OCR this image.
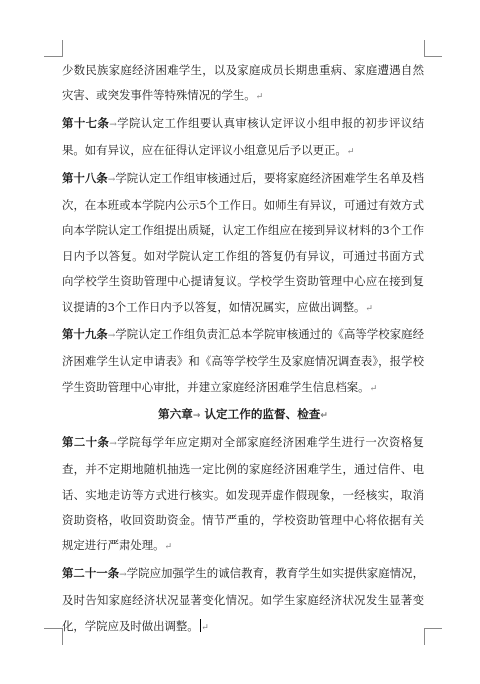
少数民族家庭经济困难学生，以及家庭成员长期患重病、家庭遭遇自然灾害、或突发事件等特殊情况的学生。↵

第十七条→学院认定工作组要认真审核认定评议小组申报的初步评议结果。如有异议，应在征得认定评议小组意见后予以更正。↵

第十八条→学院认定工作组审核通过后，要将家庭经济困难学生名单及档次，在本班或本学院内公示5个工作日。如师生有异议，可通过有效方式向本学院认定工作组提出质疑，认定工作组应在接到异议材料的3个工作日内予以答复。如对学院认定工作组的答复仍有异议，可通过书面方式向学校学生资助管理中心提请复议。学校学生资助管理中心应在接到复议提请的3个工作日内予以答复，如情况属实，应做出调整。↵

第十九条→学院认定工作组负责汇总本学院审核通过的《高等学校家庭经济困难学生认定申请表》和《高等学校学生及家庭情况调查表》，报学校学生资助管理中心审批，并建立家庭经济困难学生信息档案。↵

第六章→ 认定工作的监督、检查↵

第二十条→学院每学年应定期对全部家庭经济困难学生进行一次资格复查，并不定期地随机抽选一定比例的家庭经济困难学生，通过信件、电话、实地走访等方式进行核实。如发现弄虚作假现象，一经核实，取消资助资格，收回资助资金。情节严重的，学校资助管理中心将依据有关规定进行严肃处理。↵

第二十一条→学院应加强学生的诚信教育，教育学生如实提供家庭情况，及时告知家庭经济状况显著变化情况。如学生家庭经济状况发生显著变化，学院应及时做出调整。 ↵
